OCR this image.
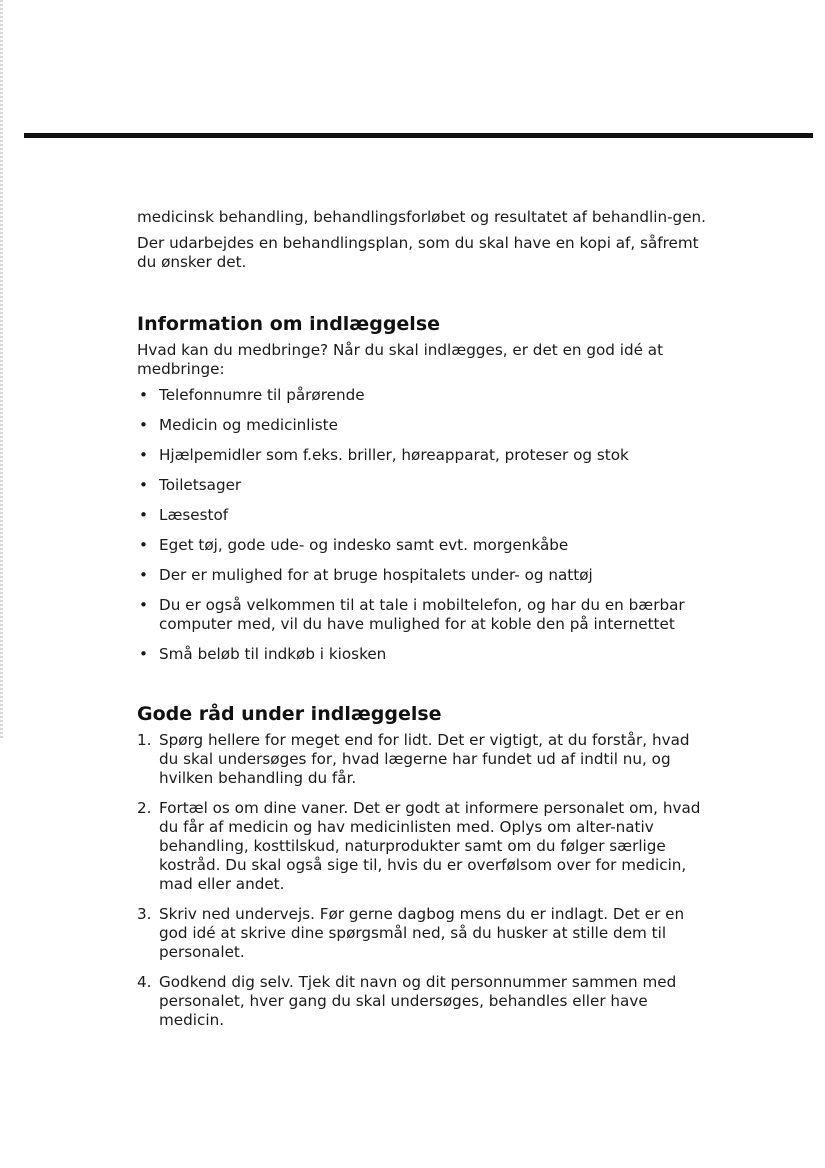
medicinsk behandling, behandlingsforløbet og resultatet af behandlin-gen.

Der udarbejdes en behandlingsplan, som du skal have en kopi af, såfremt du ønsker det.

Information om indlæggelse

Hvad kan du medbringe? Når du skal indlægges, er det en god idé at medbringe:

• Telefonnumre til pårørende
• Medicin og medicinliste
• Hjælpemidler som f.eks. briller, høreapparat, proteser og stok
• Toiletsager
• Læsestof
• Eget tøj, gode ude- og indesko samt evt. morgenkåbe
• Der er mulighed for at bruge hospitalets under- og nattøj
• Du er også velkommen til at tale i mobiltelefon, og har du en bærbar computer med, vil du have mulighed for at koble den på internettet
• Små beløb til indkøb i kiosken
Gode råd under indlæggelse
1. Spørg hellere for meget end for lidt. Det er vigtigt, at du forstår, hvad du skal undersøges for, hvad lægerne har fundet ud af indtil nu, og hvilken behandling du får.
2. Fortæl os om dine vaner. Det er godt at informere personalet om, hvad du får af medicin og hav medicinlisten med. Oplys om alter-nativ behandling, kosttilskud, naturprodukter samt om du følger særlige kostråd. Du skal også sige til, hvis du er overfølsom over for medicin, mad eller andet.
3. Skriv ned undervejs. Før gerne dagbog mens du er indlagt. Det er en god idé at skrive dine spørgsmål ned, så du husker at stille dem til personalet.
4. Godkend dig selv. Tjek dit navn og dit personnummer sammen med personalet, hver gang du skal undersøges, behandles eller have medicin.
